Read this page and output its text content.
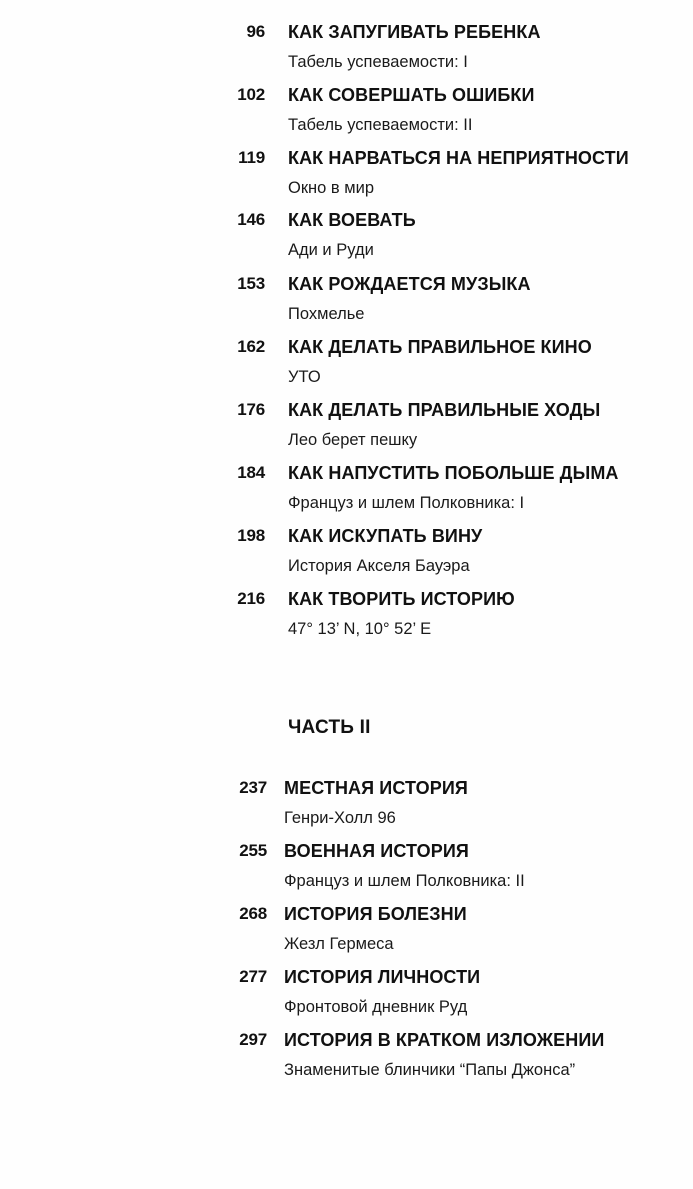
96 КАК ЗАПУГИВАТЬ РЕБЕНКА
Табель успеваемости: I
102 КАК СОВЕРШАТЬ ОШИБКИ
Табель успеваемости: II
119 КАК НАРВАТЬСЯ НА НЕПРИЯТНОСТИ
Окно в мир
146 КАК ВОЕВАТЬ
Ади и Руди
153 КАК РОЖДАЕТСЯ МУЗЫКА
Похмелье
162 КАК ДЕЛАТЬ ПРАВИЛЬНОЕ КИНО
УТО
176 КАК ДЕЛАТЬ ПРАВИЛЬНЫЕ ХОДЫ
Лео берет пешку
184 КАК НАПУСТИТЬ ПОБОЛЬШЕ ДЫМА
Француз и шлем Полковника: I
198 КАК ИСКУПАТЬ ВИНУ
История Акселя Бауэра
216 КАК ТВОРИТЬ ИСТОРИЮ
47° 13’ N, 10° 52’ E
ЧАСТЬ II
237 МЕСТНАЯ ИСТОРИЯ
Генри-Холл 96
255 ВОЕННАЯ ИСТОРИЯ
Француз и шлем Полковника: II
268 ИСТОРИЯ БОЛЕЗНИ
Жезл Гермеса
277 ИСТОРИЯ ЛИЧНОСТИ
Фронтовой дневник Руд
297 ИСТОРИЯ В КРАТКОМ ИЗЛОЖЕНИИ
Знаменитые блинчики “Папы Джонса”
